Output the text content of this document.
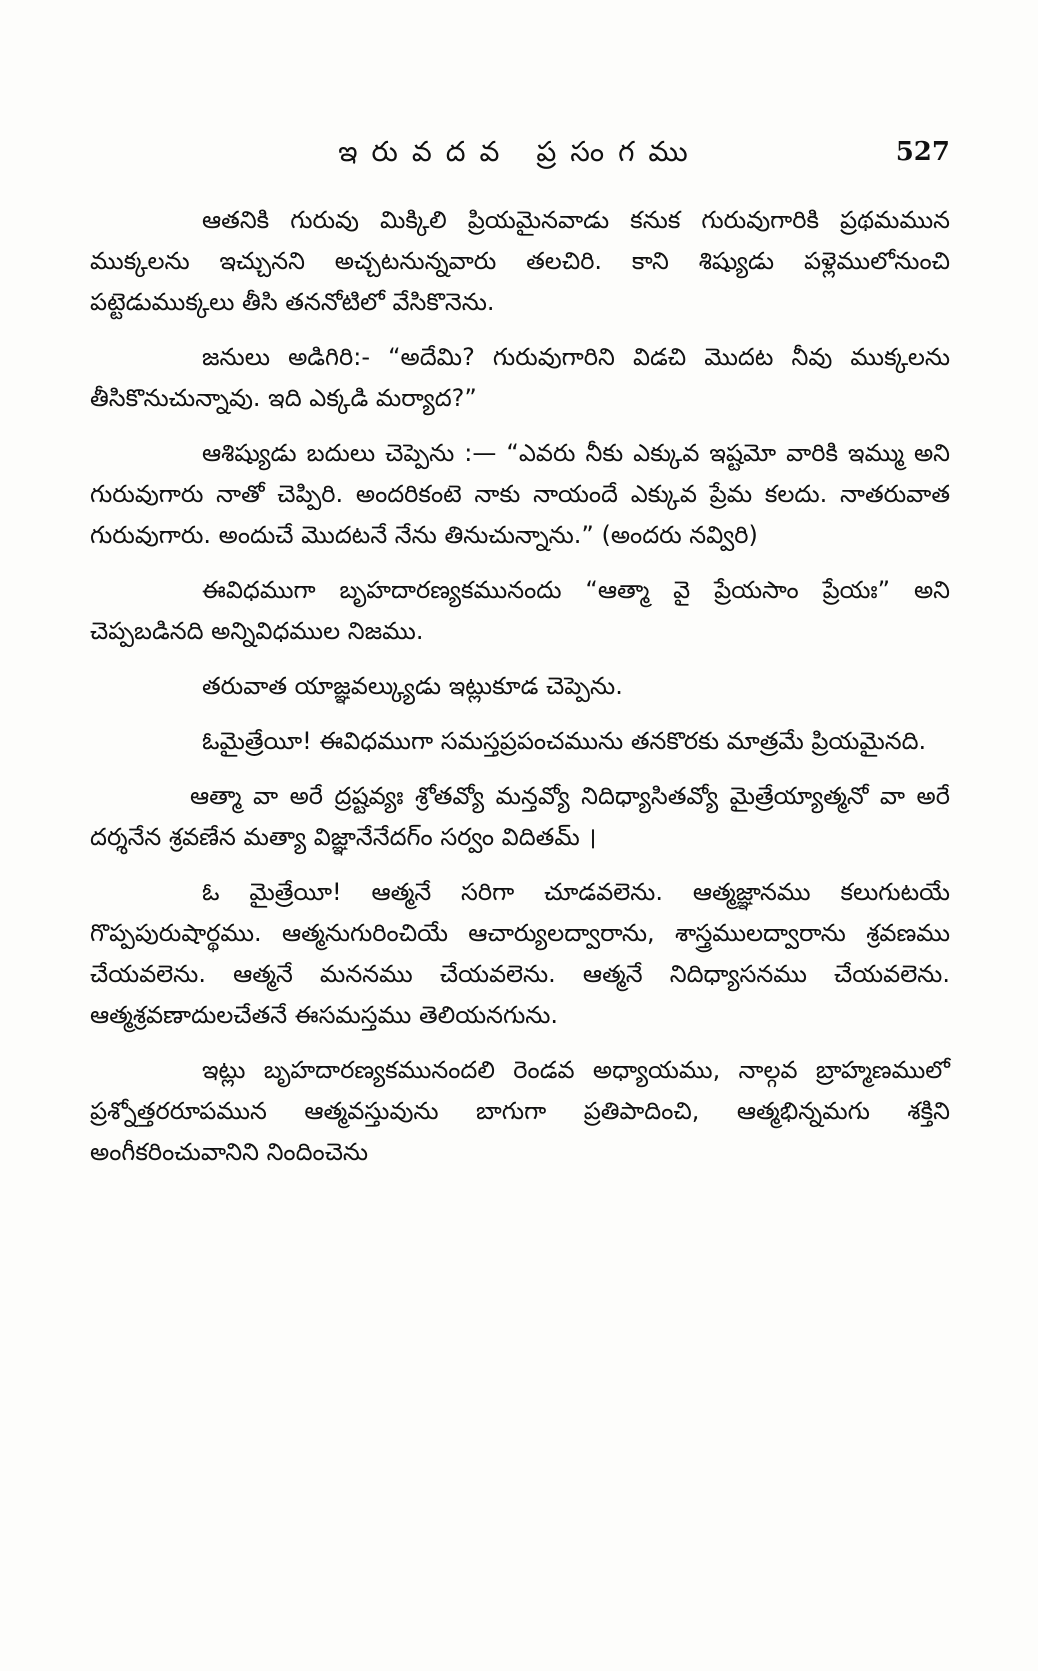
ఇరువదవ ప్రసంగము	527

ఆతనికి గురువు మిక్కిలి ప్రియమైనవాడు కనుక గురువుగారికి ప్రథమమున ముక్కలను ఇచ్చునని అచ్చటనున్నవారు తలచిరి. కాని శిష్యుడు పళ్లెములోనుంచి పట్టెడుముక్కలు తీసి తననోటిలో వేసికొనెను.

జనులు అడిగిరి:- “అదేమి? గురువుగారిని విడచి మొదట నీవు ముక్కలను తీసికొనుచున్నావు. ఇది ఎక్కడి మర్యాద?”

ఆశిష్యుడు బదులు చెప్పెను :— “ఎవరు నీకు ఎక్కువ ఇష్టమో వారికి ఇమ్ము అని గురువుగారు నాతో చెప్పిరి. అందరికంటె నాకు నాయందే ఎక్కువ ప్రేమ కలదు. నాతరువాత గురువుగారు. అందుచే మొదటనే నేను తినుచున్నాను.” (అందరు నవ్విరి)

ఈవిధముగా బృహదారణ్యకమునందు “ఆత్మా వై ప్రేయసాం ప్రేయః” అని చెప్పబడినది అన్నివిధముల నిజము.

తరువాత యాజ్ఞవల్క్యుడు ఇట్లుకూడ చెప్పెను.

ఓమైత్రేయీ! ఈవిధముగా సమస్తప్రపంచమును తనకొరకు మాత్రమే ప్రియమైనది.

ఆత్మా వా అరే ద్రష్టవ్యః శ్రోతవ్యో మన్తవ్యో నిదిధ్యాసితవ్యో మైత్రేయ్యాత్మనో వా అరే దర్శనేన శ్రవణేన మత్యా విజ్ఞానేనేదగ్ం సర్వం విదితమ్ ।

ఓ మైత్రేయీ! ఆత్మనే సరిగా చూడవలెను. ఆత్మజ్ఞానము కలుగుటయే గొప్పపురుషార్థము. ఆత్మనుగురించియే ఆచార్యులద్వారాను, శాస్త్రములద్వారాను శ్రవణము చేయవలెను. ఆత్మనే మననము చేయవలెను. ఆత్మనే నిదిధ్యాసనము చేయవలెను. ఆత్మశ్రవణాదులచేతనే ఈసమస్తము తెలియనగును.

ఇట్లు బృహదారణ్యకమునందలి రెండవ అధ్యాయము, నాల్గవ బ్రాహ్మణములో ప్రశ్నోత్తరరూపమున ఆత్మవస్తువును బాగుగా ప్రతిపాదించి, ఆత్మభిన్నమగు శక్తిని అంగీకరించువానిని నిందించెను
